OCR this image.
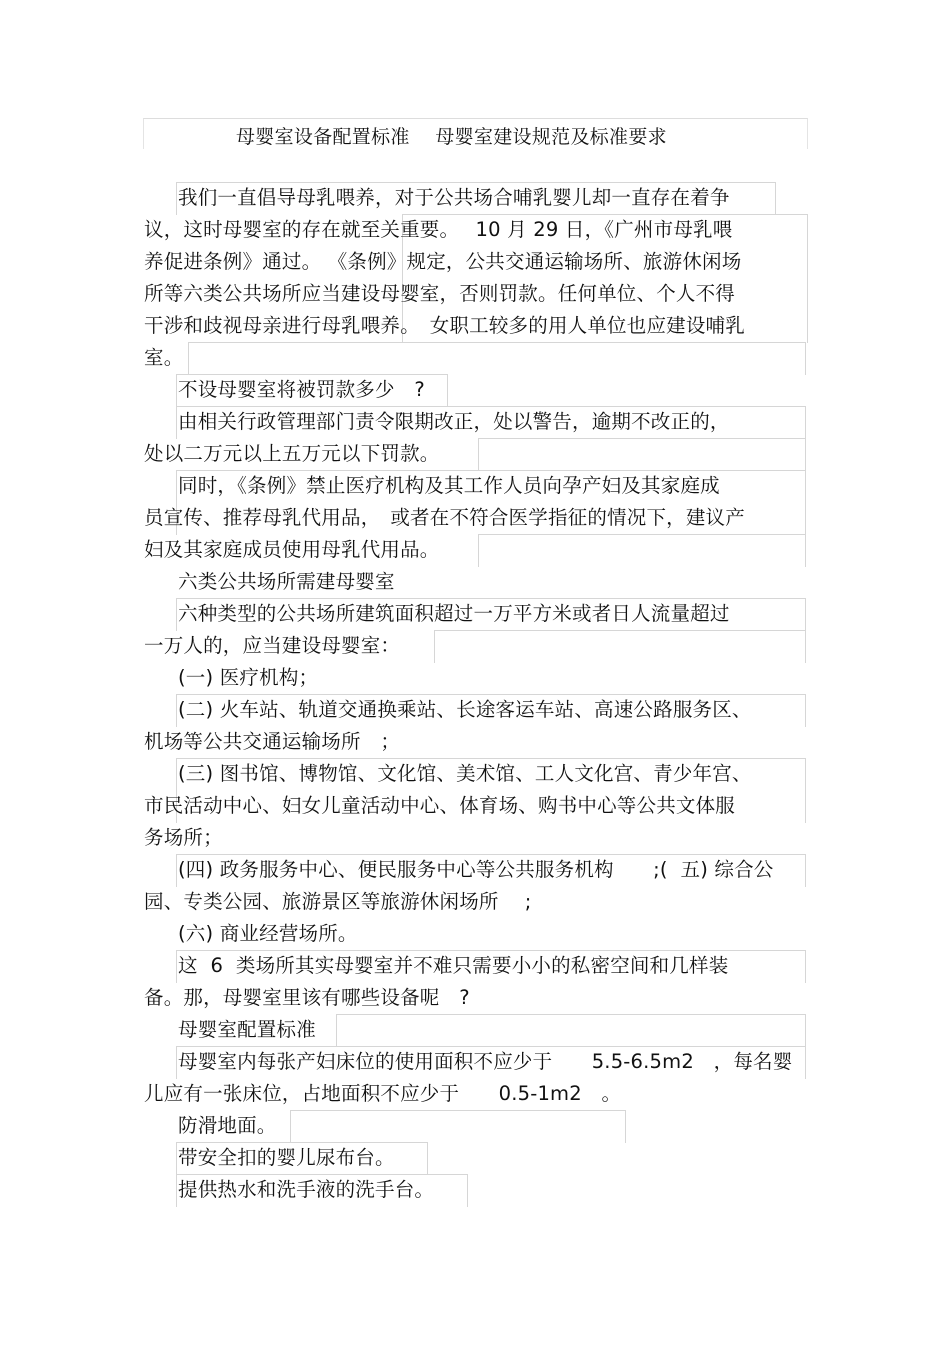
母婴室设备配置标准　 母婴室建设规范及标准要求
我们一直倡导母乳喂养，对于公共场合哺乳婴儿却一直存在着争
议，这时母婴室的存在就至关重要。　 10 月 29 日，《广州市母乳喂
养促进条例》通过。 《条例》规定，公共交通运输场所、旅游休闲场
所等六类公共场所应当建设母婴室，否则罚款。任何单位、个人不得
干涉和歧视母亲进行母乳喂养。　女职工较多的用人单位也应建设哺乳
室。
不设母婴室将被罚款多少　?
由相关行政管理部门责令限期改正，处以警告，逾期不改正的，
处以二万元以上五万元以下罚款。
同时，《条例》禁止医疗机构及其工作人员向孕产妇及其家庭成
员宣传、推荐母乳代用品，　或者在不符合医学指征的情况下，建议产
妇及其家庭成员使用母乳代用品。
六类公共场所需建母婴室
六种类型的公共场所建筑面积超过一万平方米或者日人流量超过
一万人的，应当建设母婴室：
(一) 医疗机构；
(二) 火车站、轨道交通换乘站、长途客运车站、高速公路服务区、
机场等公共交通运输场所　；
(三) 图书馆、博物馆、文化馆、美术馆、工人文化宫、青少年宫、
市民活动中心、妇女儿童活动中心、体育场、购书中心等公共文体服
务场所；
(四) 政务服务中心、便民服务中心等公共服务机构　　;(  五) 综合公
园、专类公园、旅游景区等旅游休闲场所　 ;
(六) 商业经营场所。
这  6  类场所其实母婴室并不难只需要小小的私密空间和几样装
备。那，母婴室里该有哪些设备呢　?
母婴室配置标准
母婴室内每张产妇床位的使用面积不应少于　　5.5-6.5m2　，每名婴
儿应有一张床位，占地面积不应少于　　0.5-1m2　。
防滑地面。
带安全扣的婴儿尿布台。
提供热水和洗手液的洗手台。
